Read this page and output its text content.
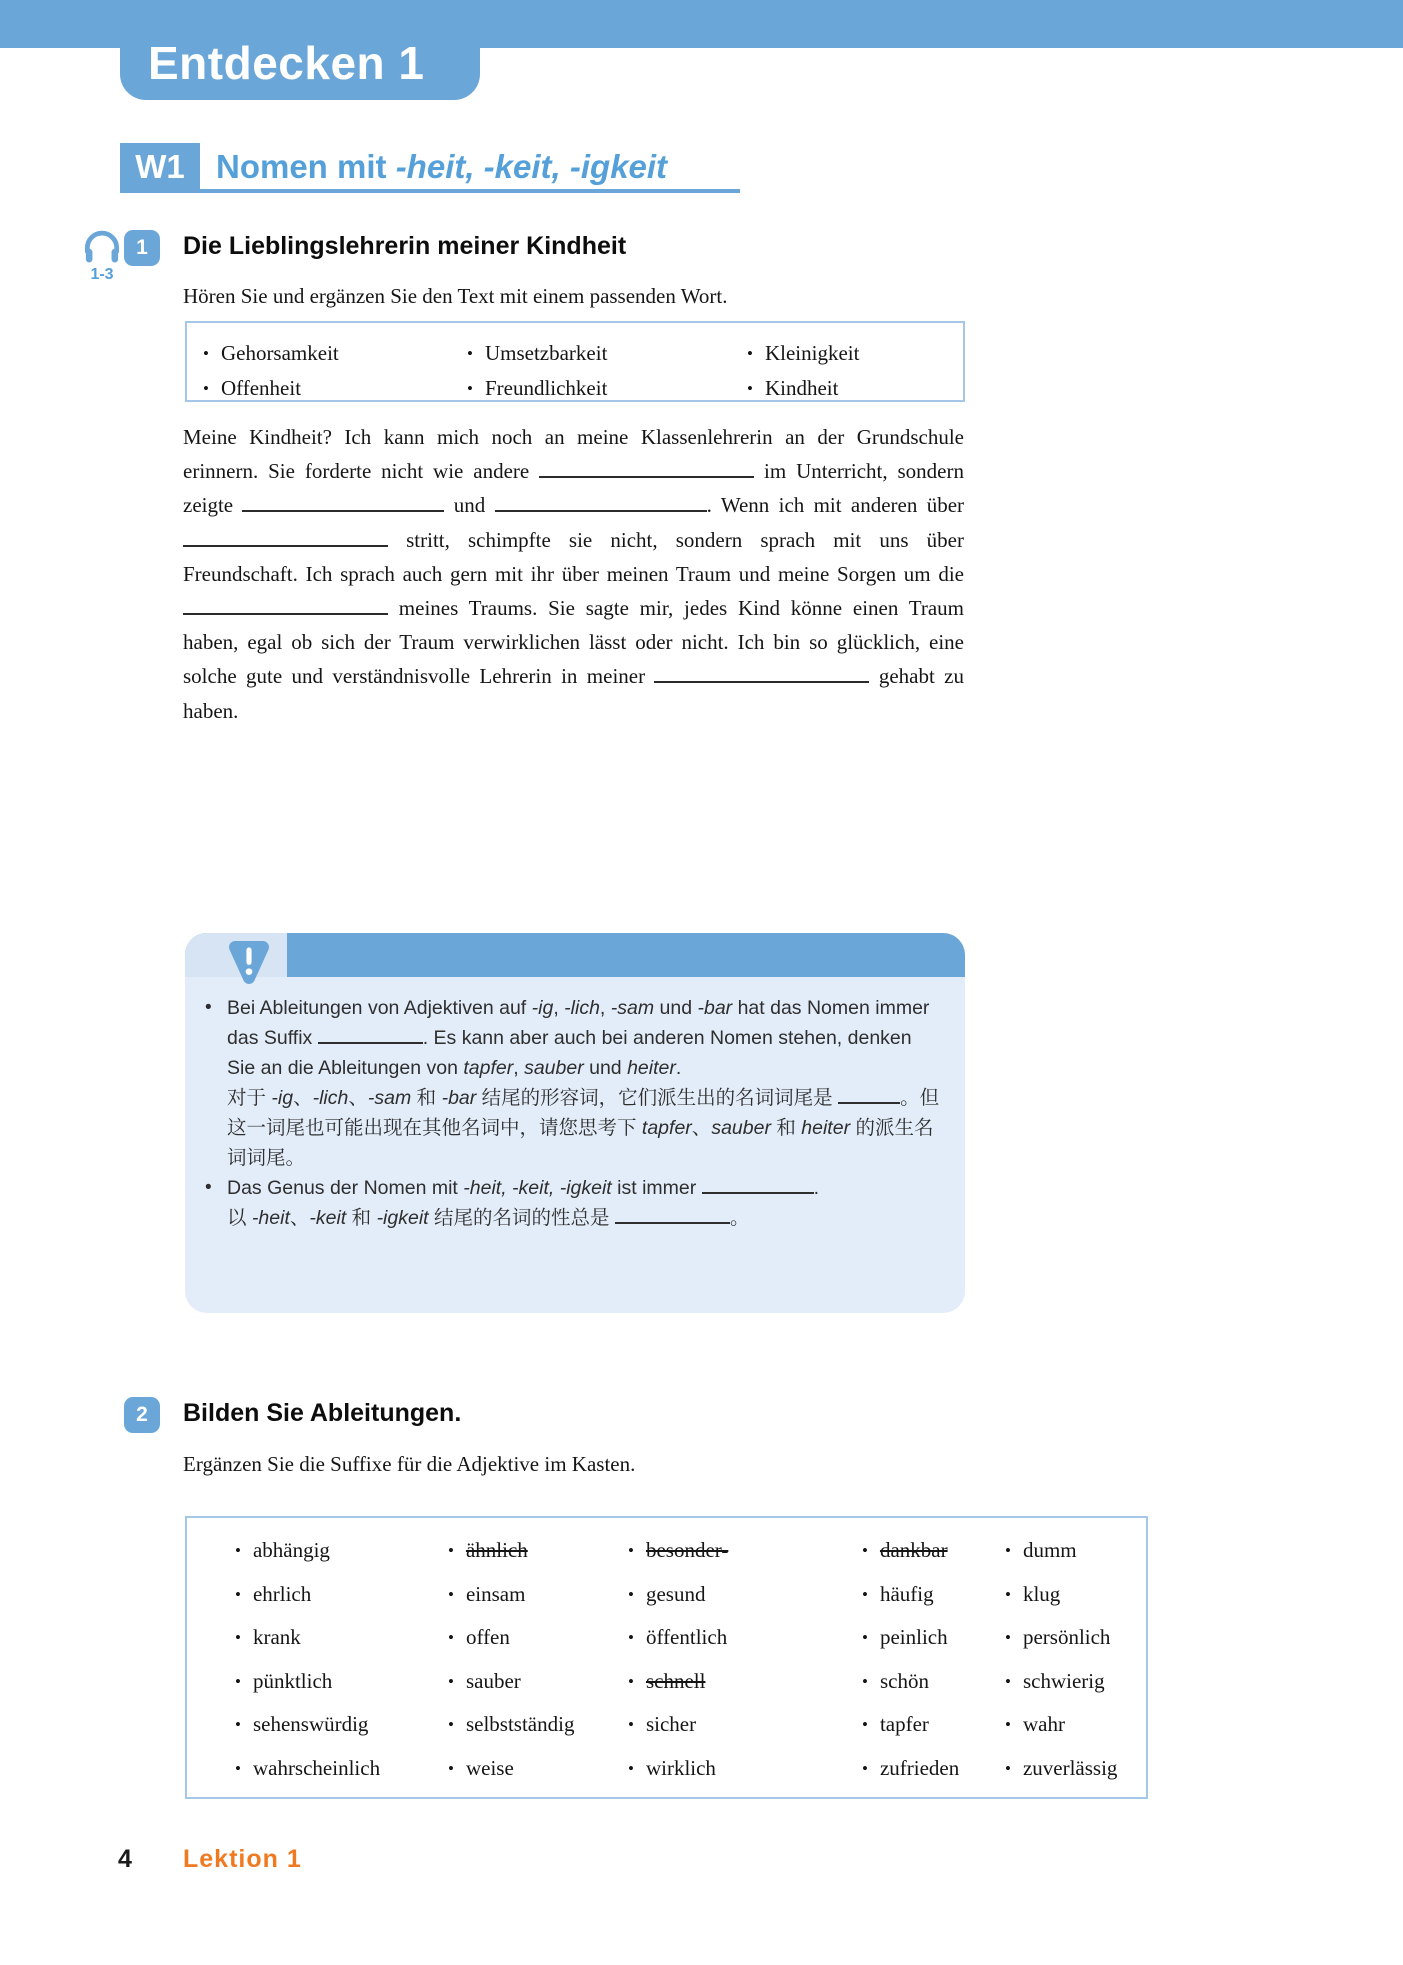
Entdecken 1
W1 Nomen mit -heit, -keit, -igkeit
1-3
1	Die Lieblingslehrerin meiner Kindheit
Hören Sie und ergänzen Sie den Text mit einem passenden Wort.
• Gehorsamkeit
• Offenheit
• Umsetzbarkeit
• Freundlichkeit
• Kleinigkeit
• Kindheit
Meine Kindheit? Ich kann mich noch an meine Klassenlehrerin an der Grundschule erinnern. Sie forderte nicht wie andere	im Unterricht, sondern zeigte	und	. Wenn ich mit anderen über  stritt, schimpfte sie nicht, sondern sprach mit uns über Freundschaft. Ich sprach auch gern mit ihr über meinen Traum und meine Sorgen um die  meines Traums. Sie sagte mir, jedes Kind könne einen Traum haben, egal ob sich der Traum verwirklichen lässt oder nicht. Ich bin so glücklich, eine solche gute und verständnisvolle Lehrerin in meiner	gehabt zu haben.
• Bei Ableitungen von Adjektiven auf -ig, -lich, -sam und -bar hat das Nomen immer das Suffix	. Es kann aber auch bei anderen Nomen stehen, denken Sie an die Ableitungen von tapfer, sauber und heiter.
对于 -ig、-lich、-sam 和 -bar 结尾的形容词，它们派生出的名词词尾是	。但这一词尾也可能出现在其他名词中，请您思考下 tapfer、sauber 和 heiter 的派生名词词尾。
• Das Genus der Nomen mit -heit, -keit, -igkeit ist immer	.
以 -heit、-keit 和 -igkeit 结尾的名词的性总是	。
2	Bilden Sie Ableitungen.
Ergänzen Sie die Suffixe für die Adjektive im Kasten.
• abhängig
• ehrlich
• krank
• pünktlich
• sehenswürdig
• wahrscheinlich
• ähnlich
• einsam
• offen
• sauber
• selbstständig
• weise
• besonder-
• gesund
• öffentlich
• schnell
• sicher
• wirklich
• dankbar
• häufig
• peinlich
• schön
• tapfer
• zufrieden
• dumm
• klug
• persönlich
• schwierig
• wahr
• zuverlässig
4 Lektion 1
